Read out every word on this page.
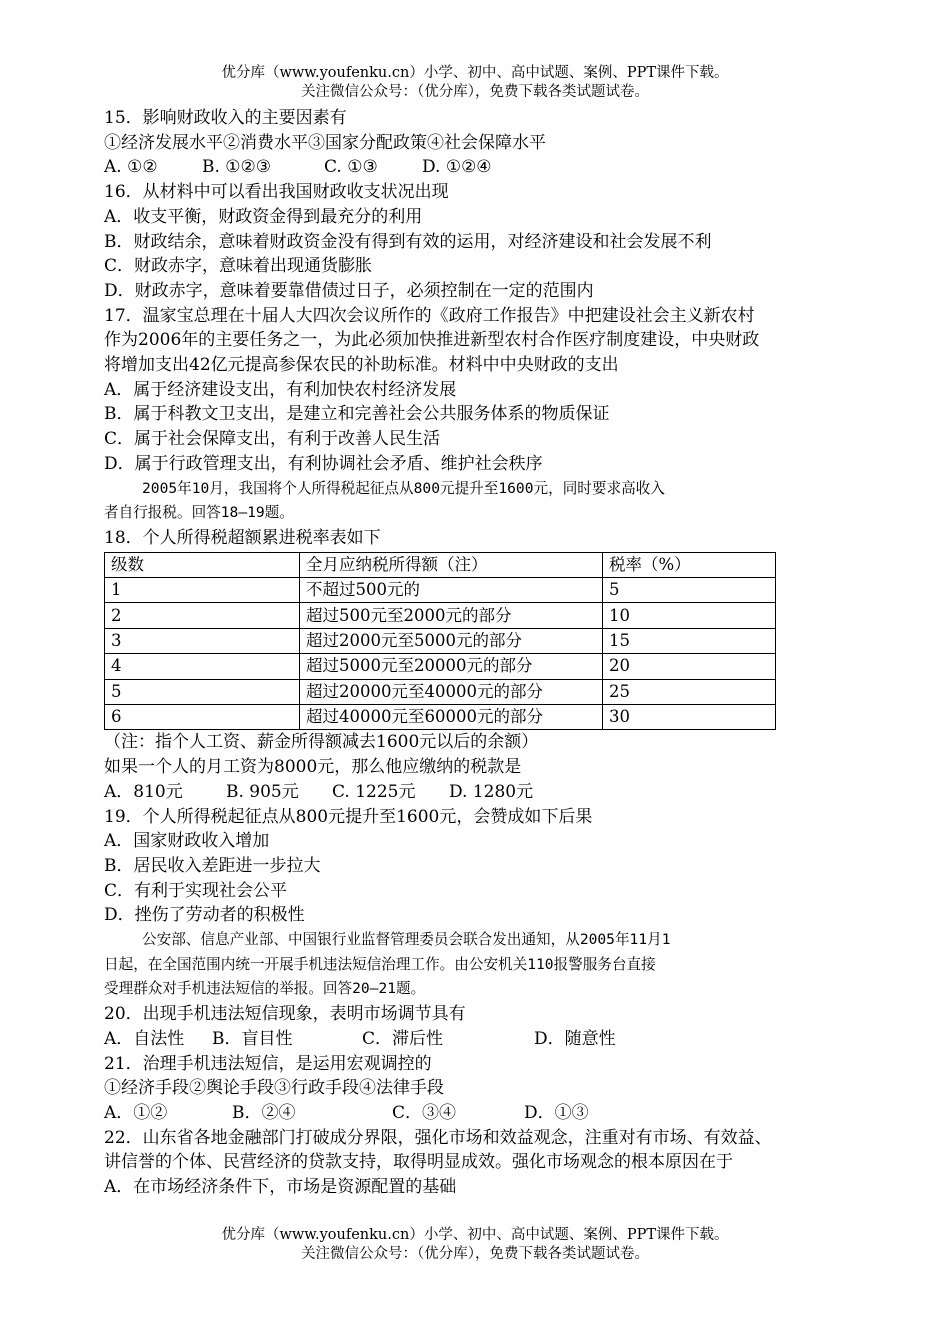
优分库（www.youfenku.cn）小学、初中、高中试题、案例、PPT课件下载。
关注微信公众号：（优分库），免费下载各类试题试卷。
15．影响财政收入的主要因素有
①经济发展水平②消费水平③国家分配政策④社会保障水平
A. ①②	B. ①②③	C. ①③	D. ①②④
16．从材料中可以看出我国财政收支状况出现
A．收支平衡，财政资金得到最充分的利用
B．财政结余，意味着财政资金没有得到有效的运用，对经济建设和社会发展不利
C．财政赤字，意味着出现通货膨胀
D．财政赤字，意味着要靠借债过日子，必须控制在一定的范围内
17．温家宝总理在十届人大四次会议所作的《政府工作报告》中把建设社会主义新农村
作为2006年的主要任务之一，为此必须加快推进新型农村合作医疗制度建设，中央财政
将增加支出42亿元提高参保农民的补助标准。材料中中央财政的支出
A．属于经济建设支出，有利加快农村经济发展
B．属于科教文卫支出，是建立和完善社会公共服务体系的物质保证
C．属于社会保障支出，有利于改善人民生活
D．属于行政管理支出，有利协调社会矛盾、维护社会秩序
2005年10月，我国将个人所得税起征点从800元提升至1600元，同时要求高收入
者自行报税。回答18—19题。
18．个人所得税超额累进税率表如下
级数	全月应纳税所得额（注）	税率（%）
1	不超过500元的	5
2	超过500元至2000元的部分	10
3	超过2000元至5000元的部分	15
4	超过5000元至20000元的部分	20
5	超过20000元至40000元的部分	25
6	超过40000元至60000元的部分	30
（注：指个人工资、薪金所得额减去1600元以后的余额）
如果一个人的月工资为8000元，那么他应缴纳的税款是
A．810元	B. 905元 C. 1225元 D. 1280元
19．个人所得税起征点从800元提升至1600元，会赞成如下后果
A．国家财政收入增加
B．居民收入差距进一步拉大
C．有利于实现社会公平
D．挫伤了劳动者的积极性
公安部、信息产业部、中国银行业监督管理委员会联合发出通知，从2005年11月1
日起，在全国范围内统一开展手机违法短信治理工作。由公安机关110报警服务台直接
受理群众对手机违法短信的举报。回答20—21题。
20．出现手机违法短信现象，表明市场调节具有
A．自法性 B．盲目性	C．滞后性	D．随意性
21．治理手机违法短信，是运用宏观调控的
①经济手段②舆论手段③行政手段④法律手段
A．①②	B．②④	C．③④	D．①③
22．山东省各地金融部门打破成分界限，强化市场和效益观念，注重对有市场、有效益、
讲信誉的个体、民营经济的贷款支持，取得明显成效。强化市场观念的根本原因在于
A．在市场经济条件下，市场是资源配置的基础
优分库（www.youfenku.cn）小学、初中、高中试题、案例、PPT课件下载。
关注微信公众号：（优分库），免费下载各类试题试卷。
